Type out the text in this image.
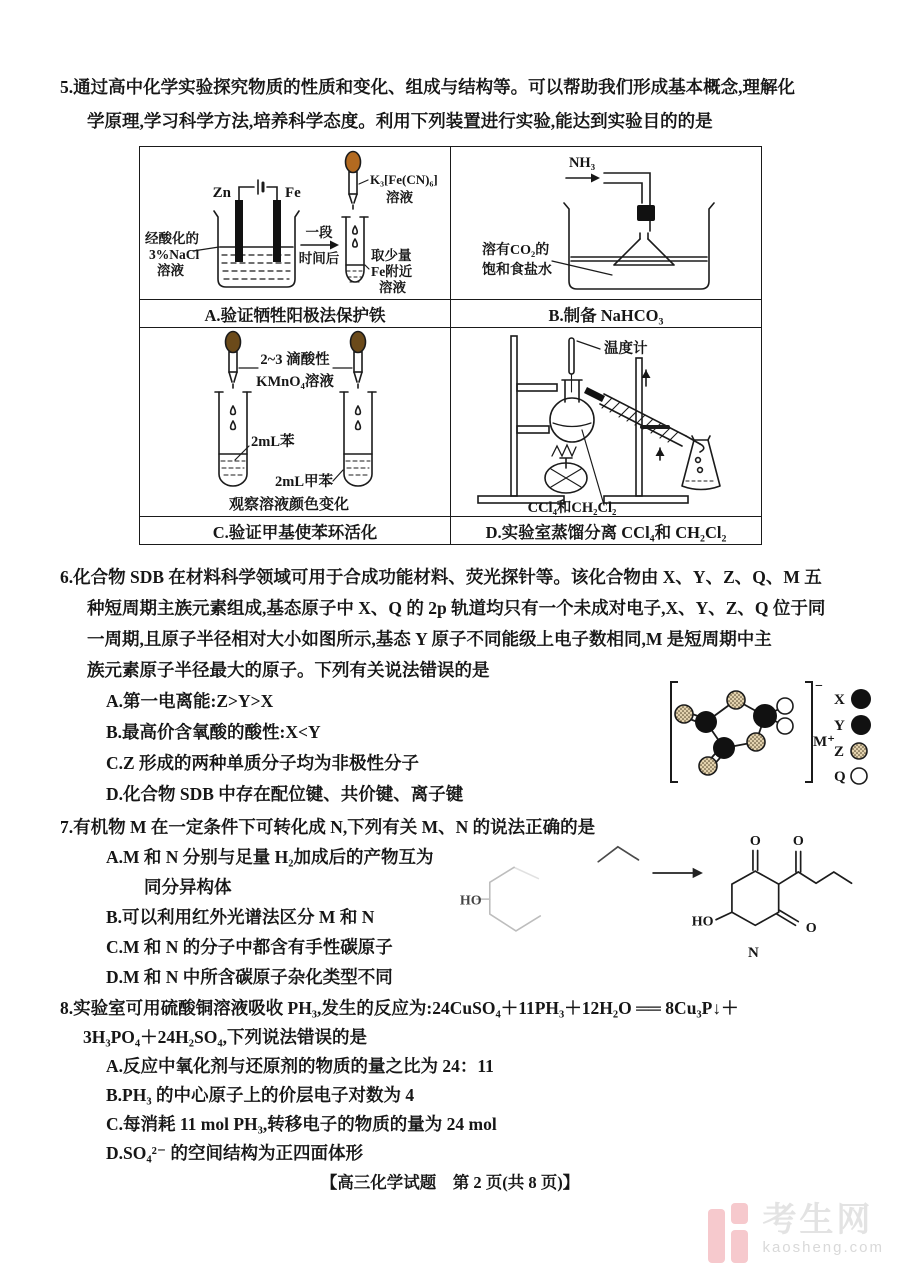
5.通过高中化学实验探究物质的性质和变化、组成与结构等。可以帮助我们形成基本概念,理解化
学原理,学习科学方法,培养科学态度。利用下列装置进行实验,能达到实验目的的是
Zn	Fe
经酸化的
3%NaCl
溶液
一段
时间后
K₃[Fe(CN)₆]
溶液
取少量
Fe附近
溶液

NH₃
溶有CO₂的
饱和食盐水

A.验证牺牲阳极法保护铁	B.制备 NaHCO₃

2~3 滴酸性
KMnO₄溶液
2mL苯
2mL甲苯
观察溶液颜色变化	温度计
CCl₄和CH₂Cl₂

C.验证甲基使苯环活化	D.实验室蒸馏分离 CCl₄和 CH₂Cl₂
6.化合物 SDB 在材料科学领域可用于合成功能材料、荧光探针等。该化合物由 X、Y、Z、Q、M 五
种短周期主族元素组成,基态原子中 X、Q 的 2p 轨道均只有一个未成对电子,X、Y、Z、Q 位于同
一周期,且原子半径相对大小如图所示,基态 Y 原子不同能级上电子数相同,M 是短周期中主
族元素原子半径最大的原子。下列有关说法错误的是
A.第一电离能:Z>Y>X
B.最高价含氧酸的酸性:X<Y
C.Z 形成的两种单质分子均为非极性分子
D.化合物 SDB 中存在配位键、共价键、离子键
−
M⁺
X
Y
Z
Q
7.有机物 M 在一定条件下可转化成 N,下列有关 M、N 的说法正确的是
A.M 和 N 分别与足量 H₂加成后的产物互为
同分异构体
B.可以利用红外光谱法区分 M 和 N
C.M 和 N 的分子中都含有手性碳原子
D.M 和 N 中所含碳原子杂化类型不同
HO
O O
O
HO
N
8.实验室可用硫酸铜溶液吸收 PH₃,发生的反应为:24CuSO₄＋11PH₃＋12H₂O ══ 8Cu₃P↓＋
3H₃PO₄＋24H₂SO₄,下列说法错误的是
A.反应中氧化剂与还原剂的物质的量之比为 24：11
B.PH₃ 的中心原子上的价层电子对数为 4
C.每消耗 11 mol PH₃,转移电子的物质的量为 24 mol
D.SO₄²⁻ 的空间结构为正四面体形
【高三化学试题　第 2 页(共 8 页)】
考生网
kaosheng.com
